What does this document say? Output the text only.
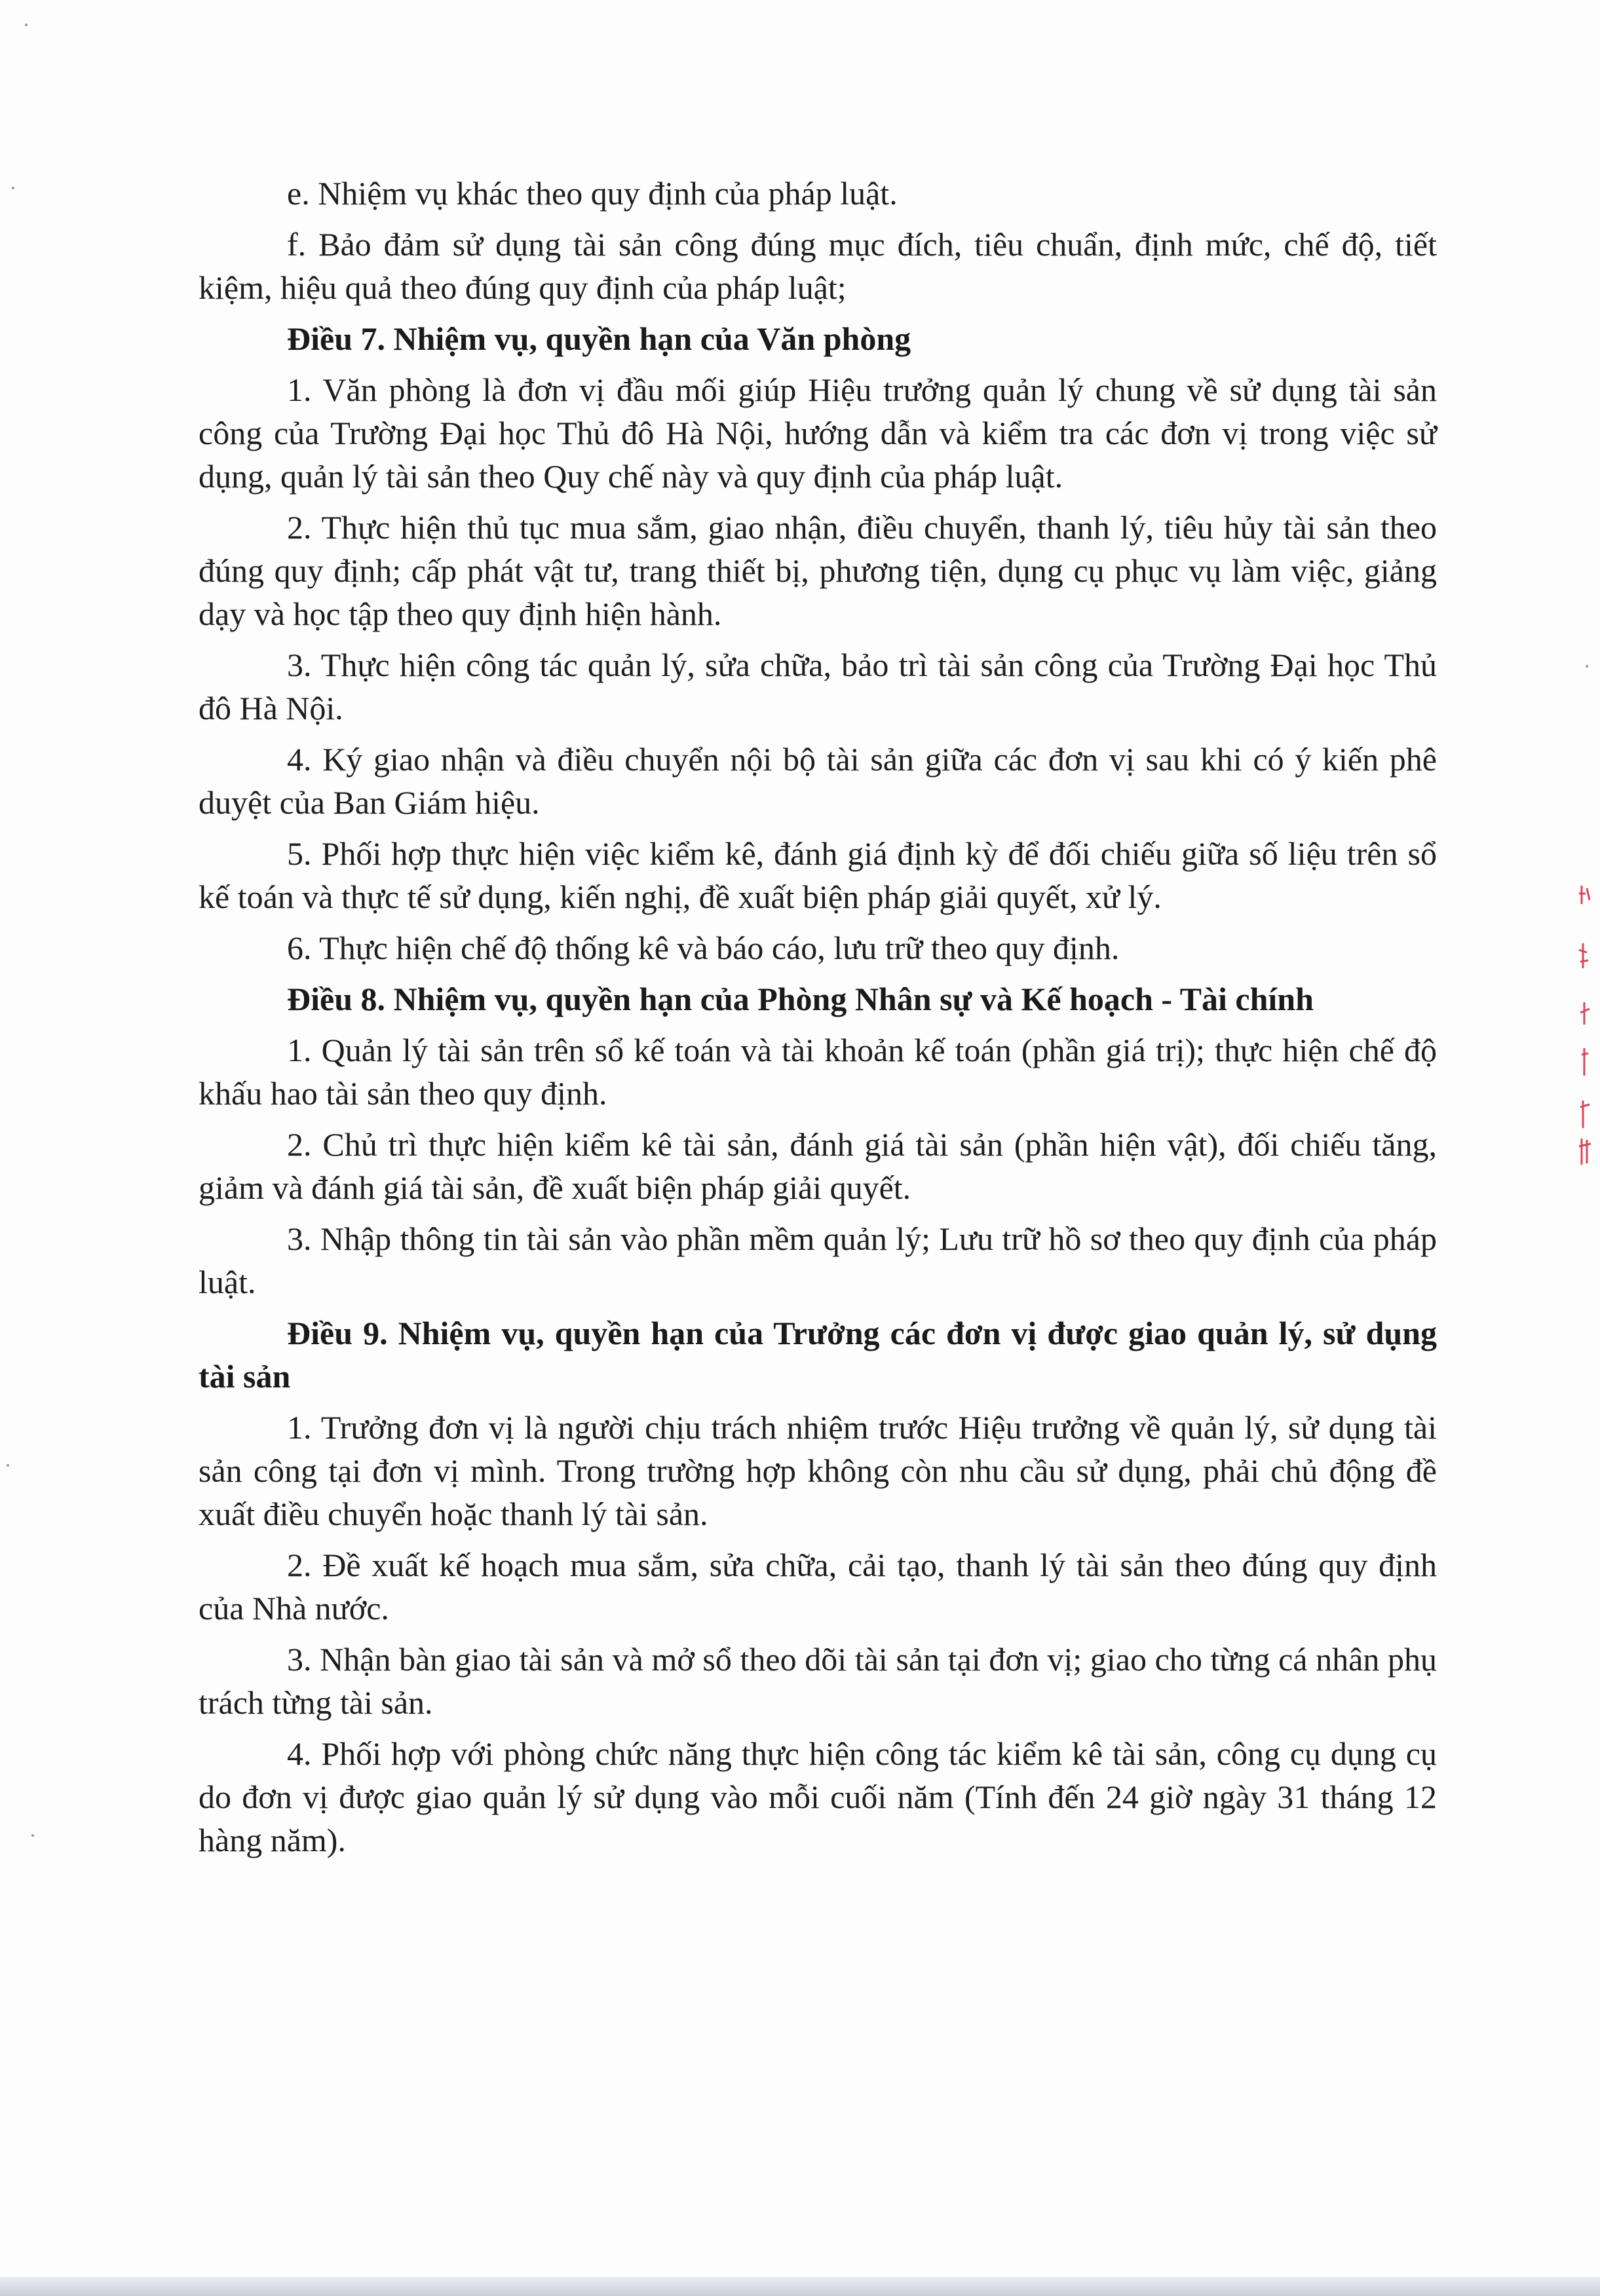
e. Nhiệm vụ khác theo quy định của pháp luật.

f. Bảo đảm sử dụng tài sản công đúng mục đích, tiêu chuẩn, định mức, chế độ, tiết kiệm, hiệu quả theo đúng quy định của pháp luật;

Điều 7. Nhiệm vụ, quyền hạn của Văn phòng

1. Văn phòng là đơn vị đầu mối giúp Hiệu trưởng quản lý chung về sử dụng tài sản công của Trường Đại học Thủ đô Hà Nội, hướng dẫn và kiểm tra các đơn vị trong việc sử dụng, quản lý tài sản theo Quy chế này và quy định của pháp luật.

2. Thực hiện thủ tục mua sắm, giao nhận, điều chuyển, thanh lý, tiêu hủy tài sản theo đúng quy định; cấp phát vật tư, trang thiết bị, phương tiện, dụng cụ phục vụ làm việc, giảng dạy và học tập theo quy định hiện hành.

3. Thực hiện công tác quản lý, sửa chữa, bảo trì tài sản công của Trường Đại học Thủ đô Hà Nội.

4. Ký giao nhận và điều chuyển nội bộ tài sản giữa các đơn vị sau khi có ý kiến phê duyệt của Ban Giám hiệu.

5. Phối hợp thực hiện việc kiểm kê, đánh giá định kỳ để đối chiếu giữa số liệu trên sổ kế toán và thực tế sử dụng, kiến nghị, đề xuất biện pháp giải quyết, xử lý.

6. Thực hiện chế độ thống kê và báo cáo, lưu trữ theo quy định.

Điều 8. Nhiệm vụ, quyền hạn của Phòng Nhân sự và Kế hoạch - Tài chính

1. Quản lý tài sản trên sổ kế toán và tài khoản kế toán (phần giá trị); thực hiện chế độ khấu hao tài sản theo quy định.

2. Chủ trì thực hiện kiểm kê tài sản, đánh giá tài sản (phần hiện vật), đối chiếu tăng, giảm và đánh giá tài sản, đề xuất biện pháp giải quyết.

3. Nhập thông tin tài sản vào phần mềm quản lý; Lưu trữ hồ sơ theo quy định của pháp luật.

Điều 9. Nhiệm vụ, quyền hạn của Trưởng các đơn vị được giao quản lý, sử dụng tài sản

1. Trưởng đơn vị là người chịu trách nhiệm trước Hiệu trưởng về quản lý, sử dụng tài sản công tại đơn vị mình. Trong trường hợp không còn nhu cầu sử dụng, phải chủ động đề xuất điều chuyển hoặc thanh lý tài sản.

2. Đề xuất kế hoạch mua sắm, sửa chữa, cải tạo, thanh lý tài sản theo đúng quy định của Nhà nước.

3. Nhận bàn giao tài sản và mở sổ theo dõi tài sản tại đơn vị; giao cho từng cá nhân phụ trách từng tài sản.

4. Phối hợp với phòng chức năng thực hiện công tác kiểm kê tài sản, công cụ dụng cụ do đơn vị được giao quản lý sử dụng vào mỗi cuối năm (Tính đến 24 giờ ngày 31 tháng 12 hàng năm).
